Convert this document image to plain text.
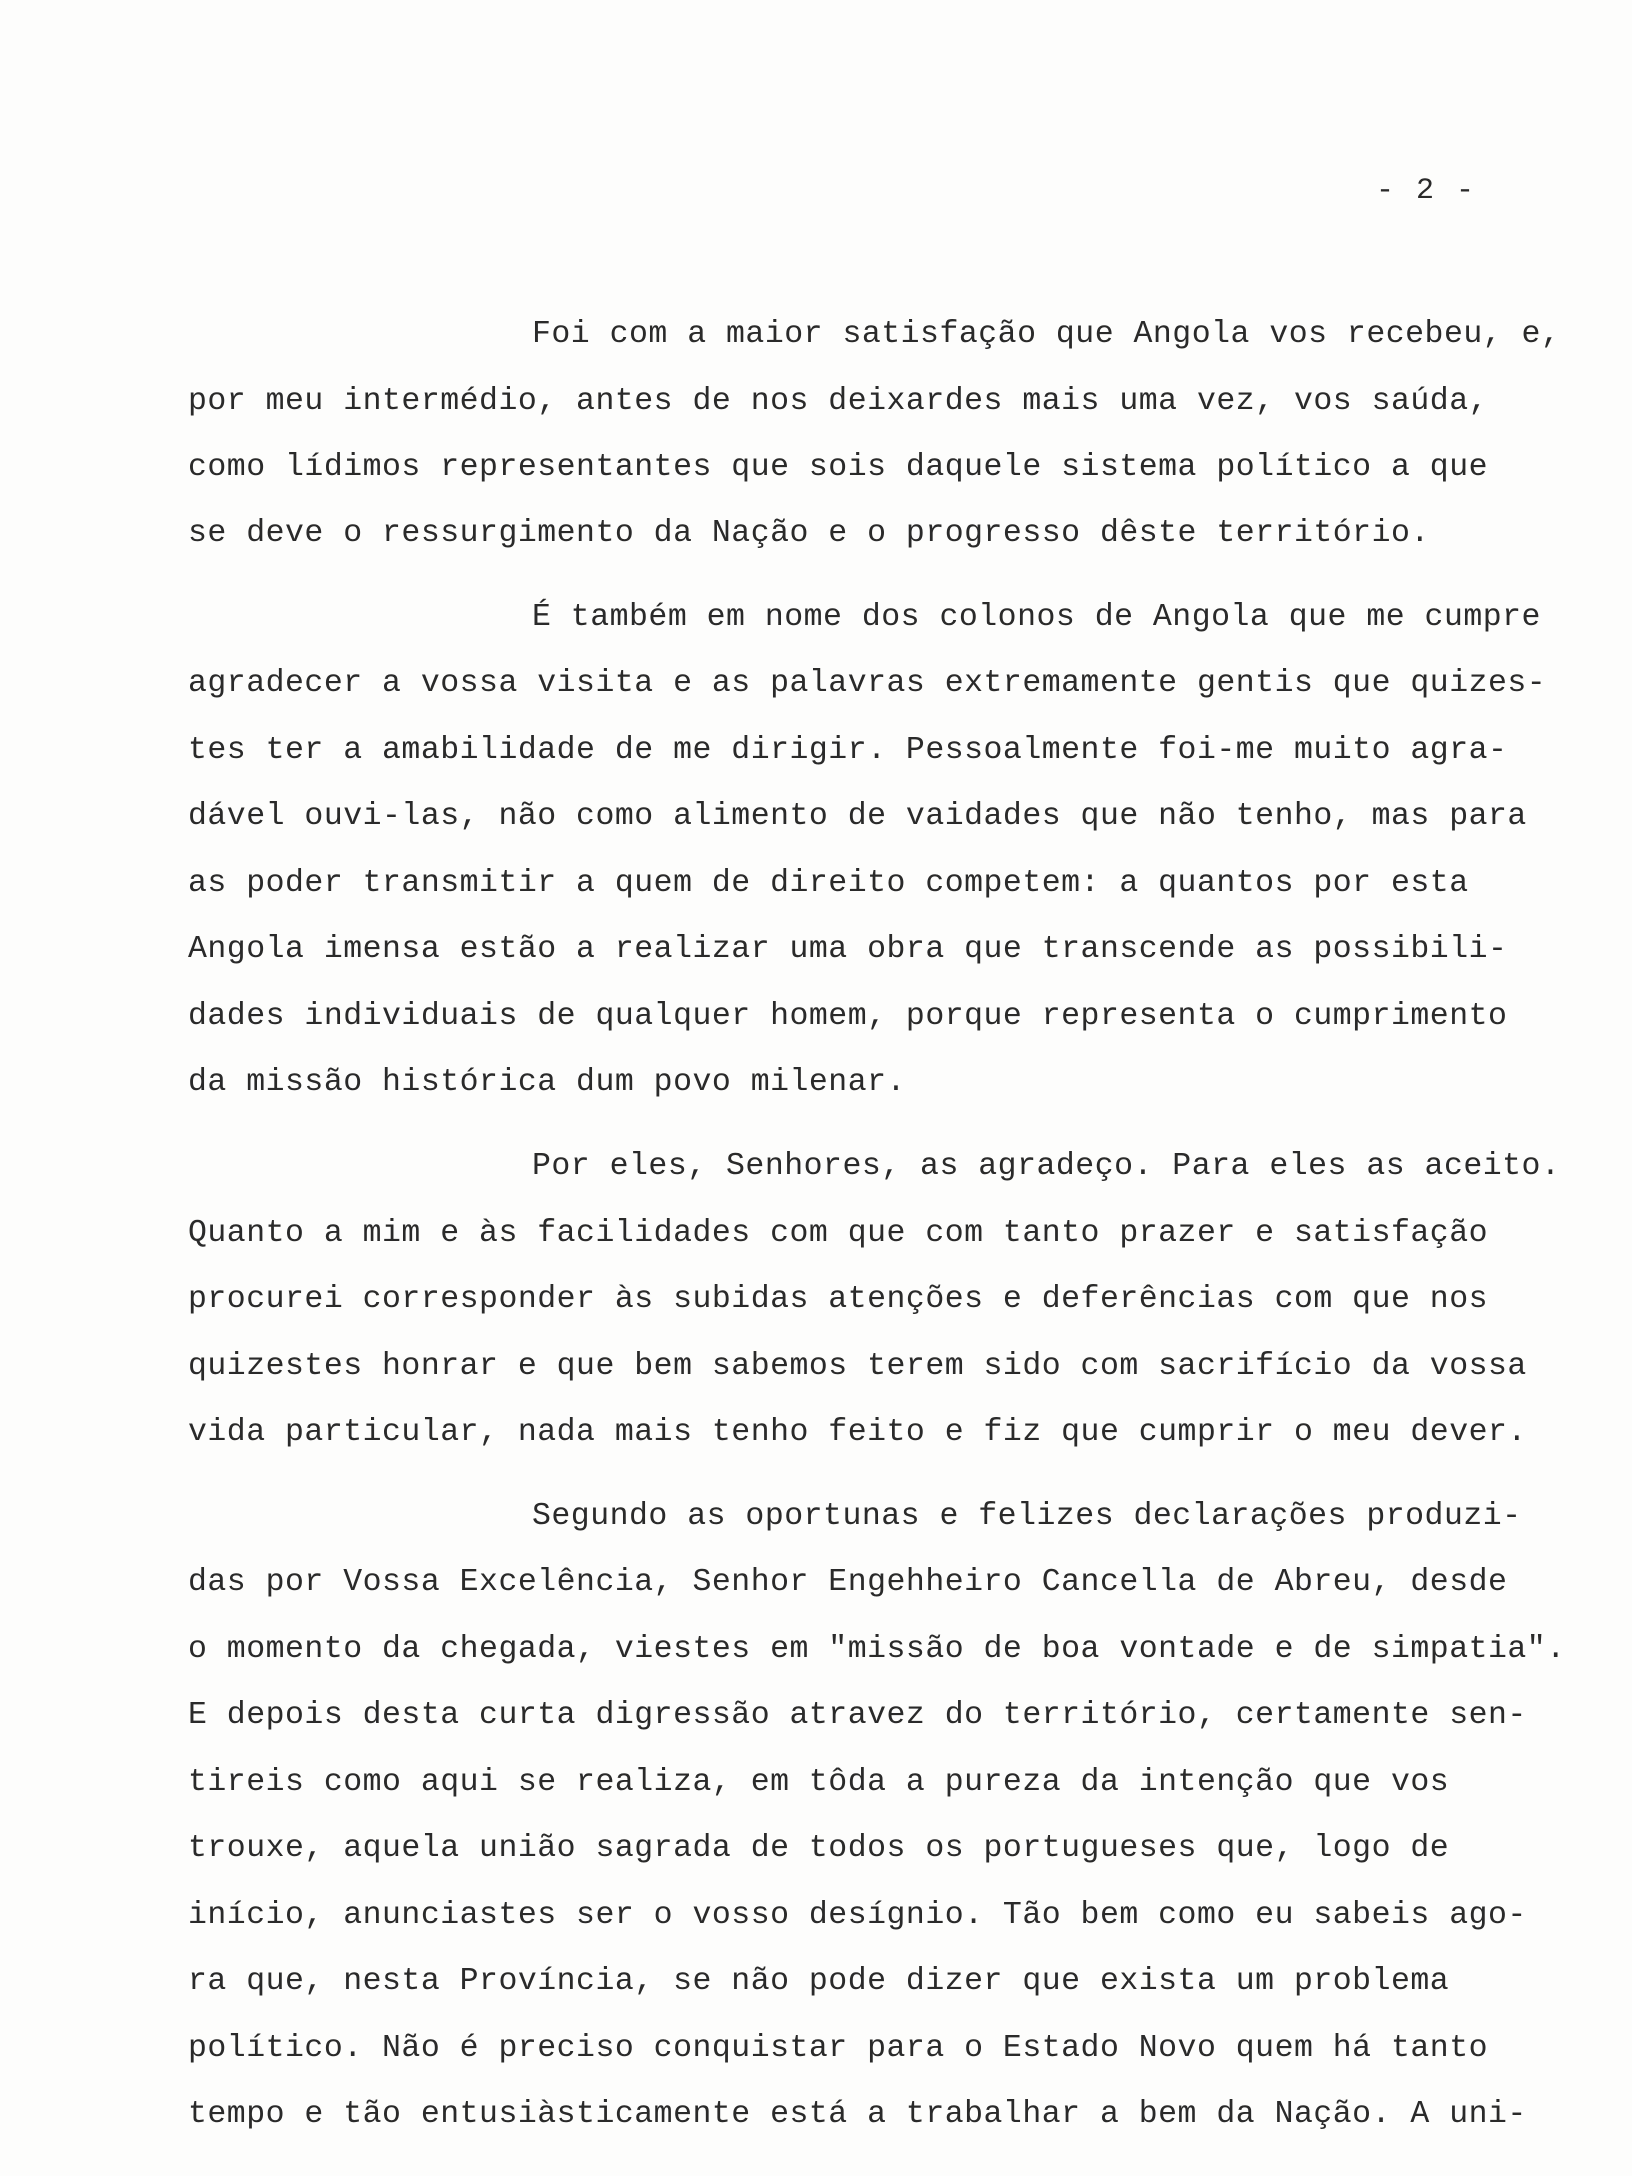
- 2 -
Foi com a maior satisfação que Angola vos recebeu, e,
por meu intermédio, antes de nos deixardes mais uma vez, vos saúda,
como lídimos representantes que sois daquele sistema político a que
se deve o ressurgimento da Nação e o progresso dêste território.
É também em nome dos colonos de Angola que me cumpre
agradecer a vossa visita e as palavras extremamente gentis que quizes-
tes ter a amabilidade de me dirigir. Pessoalmente foi-me muito agra-
dável ouvi-las, não como alimento de vaidades que não tenho, mas para
as poder transmitir a quem de direito competem: a quantos por esta
Angola imensa estão a realizar uma obra que transcende as possibili-
dades individuais de qualquer homem, porque representa o cumprimento
da missão histórica dum povo milenar.
Por eles, Senhores, as agradeço. Para eles as aceito.
Quanto a mim e às facilidades com que com tanto prazer e satisfação
procurei corresponder às subidas atenções e deferências com que nos
quizestes honrar e que bem sabemos terem sido com sacrifício da vossa
vida particular, nada mais tenho feito e fiz que cumprir o meu dever.
Segundo as oportunas e felizes declarações produzi-
das por Vossa Excelência, Senhor Engehheiro Cancella de Abreu, desde
o momento da chegada, viestes em "missão de boa vontade e de simpatia".
E depois desta curta digressão atravez do território, certamente sen-
tireis como aqui se realiza, em tôda a pureza da intenção que vos
trouxe, aquela união sagrada de todos os portugueses que, logo de
início, anunciastes ser o vosso desígnio. Tão bem como eu sabeis ago-
ra que, nesta Província, se não pode dizer que exista um problema
político. Não é preciso conquistar para o Estado Novo quem há tanto
tempo e tão entusiàsticamente está a trabalhar a bem da Nação. A uni-
